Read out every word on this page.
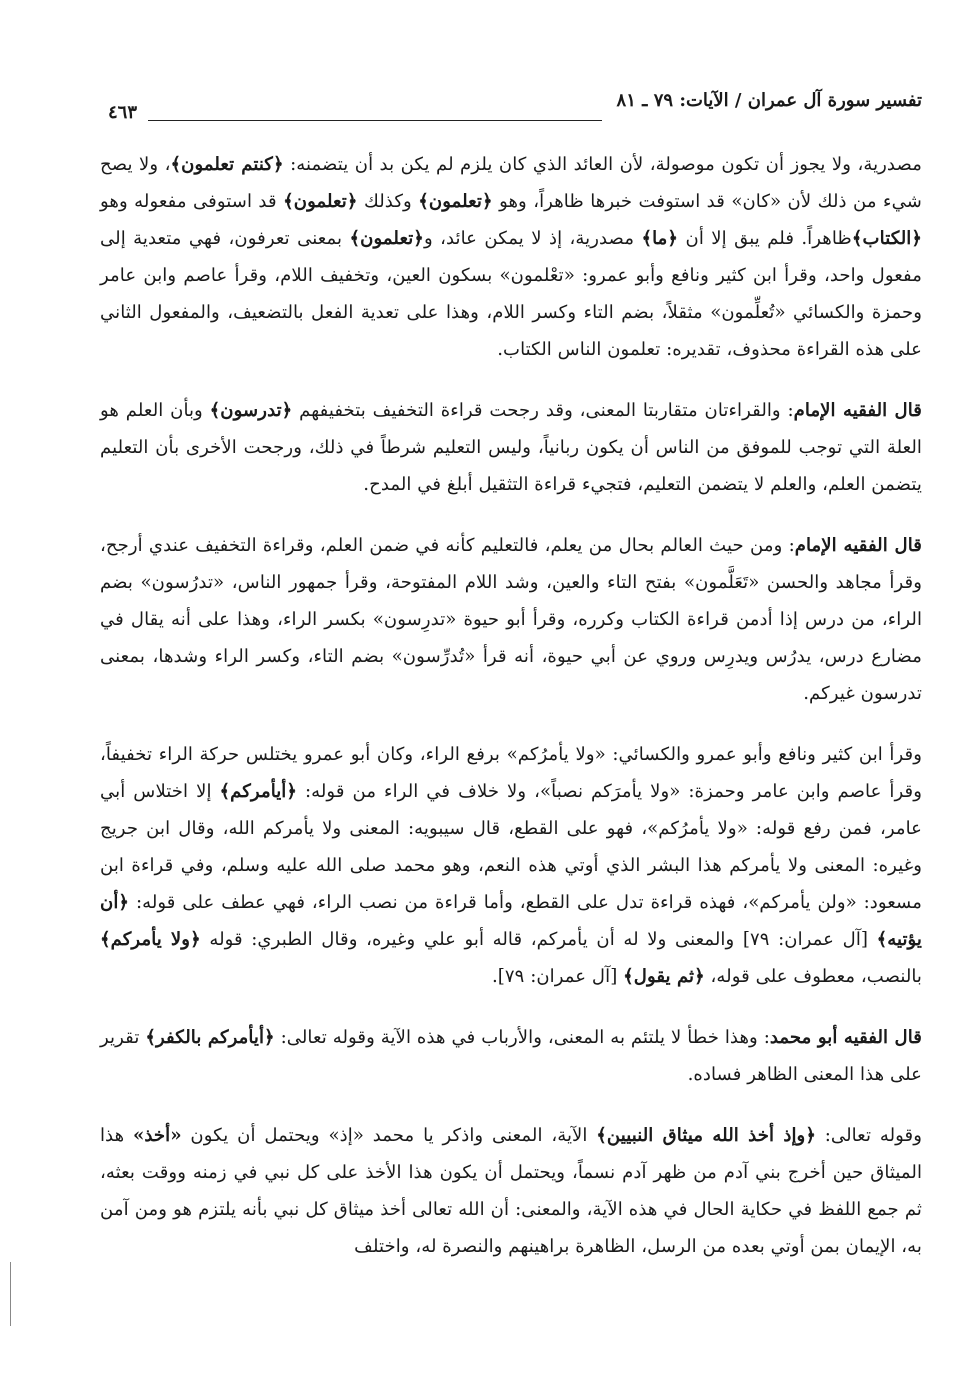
تفسير سورة آل عمران / الآيات: ٧٩ ـ ٨١
٤٦٣

مصدرية، ولا يجوز أن تكون موصولة، لأن العائد الذي كان يلزم لم يكن بد أن يتضمنه: ﴿كنتم تعلمون﴾، ولا يصح شيء من ذلك لأن «كان» قد استوفت خبرها ظاهراً، وهو ﴿تعلمون﴾ وكذلك ﴿تعلمون﴾ قد استوفى مفعوله وهو ﴿الكتاب﴾ظاهراً. فلم يبق إلا أن ﴿ما﴾ مصدرية، إذ لا يمكن عائد، و﴿تعلمون﴾ بمعنى تعرفون، فهي متعدية إلى مفعول واحد، وقرأ ابن كثير ونافع وأبو عمرو: «تعْلمون» بسكون العين، وتخفيف اللام، وقرأ عاصم وابن عامر وحمزة والكسائي «تُعلِّمون» مثقلاً، بضم التاء وكسر اللام، وهذا على تعدية الفعل بالتضعيف، والمفعول الثاني على هذه القراءة محذوف، تقديره: تعلمون الناس الكتاب.

قال الفقيه الإمام: والقراءتان متقاربتا المعنى، وقد رجحت قراءة التخفيف بتخفيفهم ﴿تدرسون﴾ وبأن العلم هو العلة التي توجب للموفق من الناس أن يكون ربانياً، وليس التعليم شرطاً في ذلك، ورجحت الأخرى بأن التعليم يتضمن العلم، والعلم لا يتضمن التعليم، فتجيء قراءة التثقيل أبلغ في المدح.

قال الفقيه الإمام: ومن حيث العالم بحال من يعلم، فالتعليم كأنه في ضمن العلم، وقراءة التخفيف عندي أرجح، وقرأ مجاهد والحسن «تَعَلَّمون» بفتح التاء والعين، وشد اللام المفتوحة، وقرأ جمهور الناس، «تدرُسون» بضم الراء، من درس إذا أدمن قراءة الكتاب وكرره، وقرأ أبو حيوة «تدرِسون» بكسر الراء، وهذا على أنه يقال في مضارع درس، يدرُس ويدرِس وروي عن أبي حيوة، أنه قرأ «تُدرِّسون» بضم التاء، وكسر الراء وشدها، بمعنى تدرسون غيركم.

وقرأ ابن كثير ونافع وأبو عمرو والكسائي: «ولا يأمرُكم» برفع الراء، وكان أبو عمرو يختلس حركة الراء تخفيفاً، وقرأ عاصم وابن عامر وحمزة: «ولا يأمرَكم نصباً»، ولا خلاف في الراء من قوله: ﴿أيأمركم﴾ إلا اختلاس أبي عامر، فمن رفع قوله: «ولا يأمرُكم»، فهو على القطع، قال سيبويه: المعنى ولا يأمركم الله، وقال ابن جريج وغيره: المعنى ولا يأمركم هذا البشر الذي أوتي هذه النعم، وهو محمد صلى الله عليه وسلم، وفي قراءة ابن مسعود: «ولن يأمركم»، فهذه قراءة تدل على القطع، وأما قراءة من نصب الراء، فهي عطف على قوله: ﴿أن يؤتيه﴾ [آل عمران: ٧٩] والمعنى ولا له أن يأمركم، قاله أبو علي وغيره، وقال الطبري: قوله ﴿ولا يأمركم﴾ بالنصب، معطوف على قوله، ﴿ثم يقول﴾ [آل عمران: ٧٩].

قال الفقيه أبو محمد: وهذا خطأ لا يلتئم به المعنى، والأرباب في هذه الآية وقوله تعالى: ﴿أيأمركم بالكفر﴾ تقرير على هذا المعنى الظاهر فساده.

وقوله تعالى: ﴿وإذ أخذ الله ميثاق النبيين﴾ الآية، المعنى واذكر يا محمد «إذ» ويحتمل أن يكون «أخذ» هذا الميثاق حين أخرج بني آدم من ظهر آدم نسماً، ويحتمل أن يكون هذا الأخذ على كل نبي في زمنه ووقت بعثه، ثم جمع اللفظ في حكاية الحال في هذه الآية، والمعنى: أن الله تعالى أخذ ميثاق كل نبي بأنه يلتزم هو ومن آمن به، الإيمان بمن أوتي بعده من الرسل، الظاهرة براهينهم والنصرة له، واختلف
